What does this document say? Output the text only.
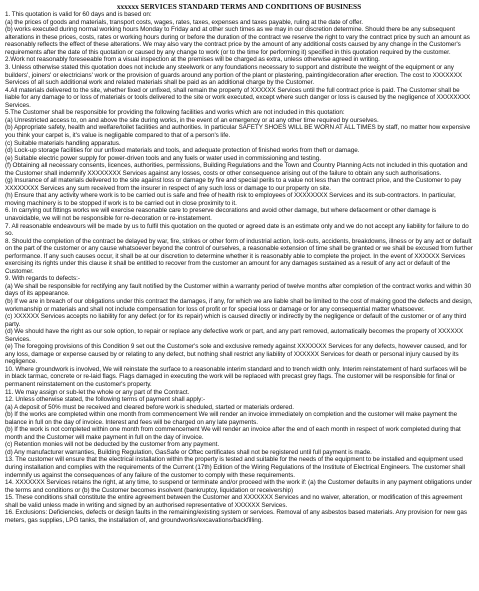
xxxxxx SERVICES STANDARD TERMS AND CONDITIONS OF BUSINESS

1. This quotation is valid for 60 days and is based on:

(a) the prices of goods and materials, transport costs, wages, rates, taxes, expenses and taxes payable, ruling at the date of offer.

(b) works executed during normal working hours Monday to Friday and at other such times as we may in our discretion determine. Should there be any subsequent alterations in these prices, costs, rates or working hours during or before the duration of the contract we reserve the right to vary the contract price by such an amount as reasonably reflects the effect of these alterations. We may also vary the contract price by the amount of any additional costs caused by any change in the Customer's requirements after the date of this quotation or caused by any change to work (or to the time for performing it) specified in this quotation required by the customer.

2.Work not reasonably foreseeable from a visual inspection at the premises will be charged as extra, unless otherwise agreed in writing.

3. Unless otherwise stated this quotation does not include any steelwork or any foundations necessary to support and distribute the weight of the equipment or any builders', joiners' or electricians' work or the provision of guards around any portion of the plant or plastering, painting/decoration after erection. The cost to XXXXXXX Services of all such additional work and related materials shall be paid as an additional charge by the Customer.

4.All materials delivered to the site, whether fixed or unfixed, shall remain the property of XXXXXX Services until the full contract price is paid. The Customer shall be liable for any damage to or loss of materials or tools delivered to the site or work executed, except where such danger or loss is caused by the negligence of XXXXXXXX Services.

5.The Customer shall be responsible for providing the following facilities and works which are not included in this quotation:

(a) Unrestricted access to, on and above the site during works, in the event of an emergency or at any other time required by ourselves.

(b) Appropriate safety, health and welfare/toilet facilities and authorities. In particular SAFETY SHOES WILL BE WORN AT ALL TIMES by staff, no matter how expensive you think your carpet is, it's value is negligable compared to that of a person's life.

(c) Suitable materials handling apparatus.

(d) Lock-up storage facilities for our unfixed materials and tools, and adequate protection of finished works from theft or damage.

(e) Suitable electric power supply for power-driven tools and any fuels or water used in commissioning and testing.

(f) Obtaining all necessary consents, licences, authorities, permissions, Building Regulations and the Town and Country Planning Acts not included in this quotation and the Customer shall indemnify XXXXXXXX Services against any losses, costs or other consequence arising out of the failure to obtain any such authorisations.

(g) Insurance of all materials delivered to the site against loss or damage by fire and special perils to a value not less than the contract price, and the Customer to pay XXXXXXXX Services any sum received from the insurer in respect of any such loss or damage to our property on site.

(h) Ensure that any activity where work is to be carried out is safe and free of health risk to employees of XXXXXXXX Services and its sub-contractors. In particular, moving machinery is to be stopped if work is to be carried out in close proximity to it.

6. In carrying out fittings works we will exercise reasonable care to preserve decorations and avoid other damage, but where defacement or other damage is unavoidable, we will not be responsible for re-decoration or re-instatement.

7. All reasonable endeavours will be made by us to fulfil this quotation on the quoted or agreed date is an estimate only and we do not accept any liability for failure to do so.

8. Should the completion of the contract be delayed by war, fire, strikes or other form of industrial action, lock-outs, accidents, breakdowns, illness or by any act or default on the part of the customer or any cause whatsoever beyond the control of ourselves, a reasonable extension of time shall be granted or we shall be excused from further performance. If any such causes occur, it shall be at our discretion to determine whether it is reasonably able to complete the project. In the event of XXXXXX Services exercising its rights under this clause it shall be entitled to recover from the customer an amount for any damages sustained as a result of any act or default of the Customer.

9. With regards to defects:-

(a) We shall be responsible for rectifying any fault notified by the Customer within a warranty period of twelve months after completion of the contract works and within 30 days of its appearance.

(b) If we are in breach of our obligations under this contract the damages, if any, for which we are liable shall be limited to the cost of making good the defects and design, workmanship or materials and shall not include compensation for loss of profit or for special loss or damage or for any consequential matter whatsoever.

(c) XXXXXX Services accepts no liability for any defect (or for its repair) which is caused directly or indirectly by the negligence or default of the customer or of any third party.

(d) We should have the right as our sole option, to repair or replace any defective work or part, and any part removed, automatically becomes the property of XXXXXX Services.

(e) The foregoing provisions of this Condition 9 set out the Customer's sole and exclusive remedy against XXXXXXX Services for any defects, however caused, and for any loss, damage or expense caused by or relating to any defect, but nothing shall restrict any liability of XXXXXX Services for death or personal injury caused by its negligence.

10. Where groundwork is involved, We will reinstate the surface to a reasonable interim standard and to trench width only. Interim reinstatement of hard surfaces will be in black tarmac, concrete or re-laid flags. Flags damaged in executing the work will be replaced with precast grey flags. The customer will be responsible for final or permanent reinstatement on the customer's property.

11. We may assign or sub-let the whole or any part of the Contract.

12. Unless otherwise stated, the following terms of payment shall apply:-

(a) A deposit of 50% must be received and cleared before work is sheduled, started or materials ordered.

(b) If the works are completed within one month from commencement We will render an invoice immediately on completion and the customer will make payment the balance in full on the day of invoice. Interest and fees will be charged on any late payments.

(b) If the work is not completed within one month from commencement We will render an invoice after the end of each month in respect of work completed during that month and the Customer will make payment in full on the day of invoice.

(c) Retention monies will not be deducted by the customer from any payment.

(d) Any manufacturer warranties, Building Regulation, GasSafe or Oftec certificates shall not be registered until full payment is made.

13. The customer will ensure that the electrical installation within the property is tested and suitable for the needs of the equipment to be installed and equipment used during installation and complies with the requirements of the Current (17th) Edition of the Wiring Regulations of the Institute of Electrical Engineers. The customer shall indemnify us against the consequences of any failure of the customer to comply with these requirements.

14. XXXXXXX Services retains the right, at any time, to suspend or terminate and/or proceed with the work if: (a) the Customer defaults in any payment obligations under the terms and conditions or (b) the Customer becomes insolvent (bankruptcy, liquidation or receivership)

15. These conditions shall constitute the entire agreement between the Customer and XXXXXXX Services and no waiver, alteration, or modification of this agreement shall be valid unless made in writing and signed by an authorised representative of XXXXXX Services.

16. Exclusions: Deficiencies, defects or design faults in the remaining/existing system or services. Removal of any asbestos based materials. Any provision for new gas meters, gas supplies, LPG tanks, the installation of, and groundworks/excavations/backfilling.
